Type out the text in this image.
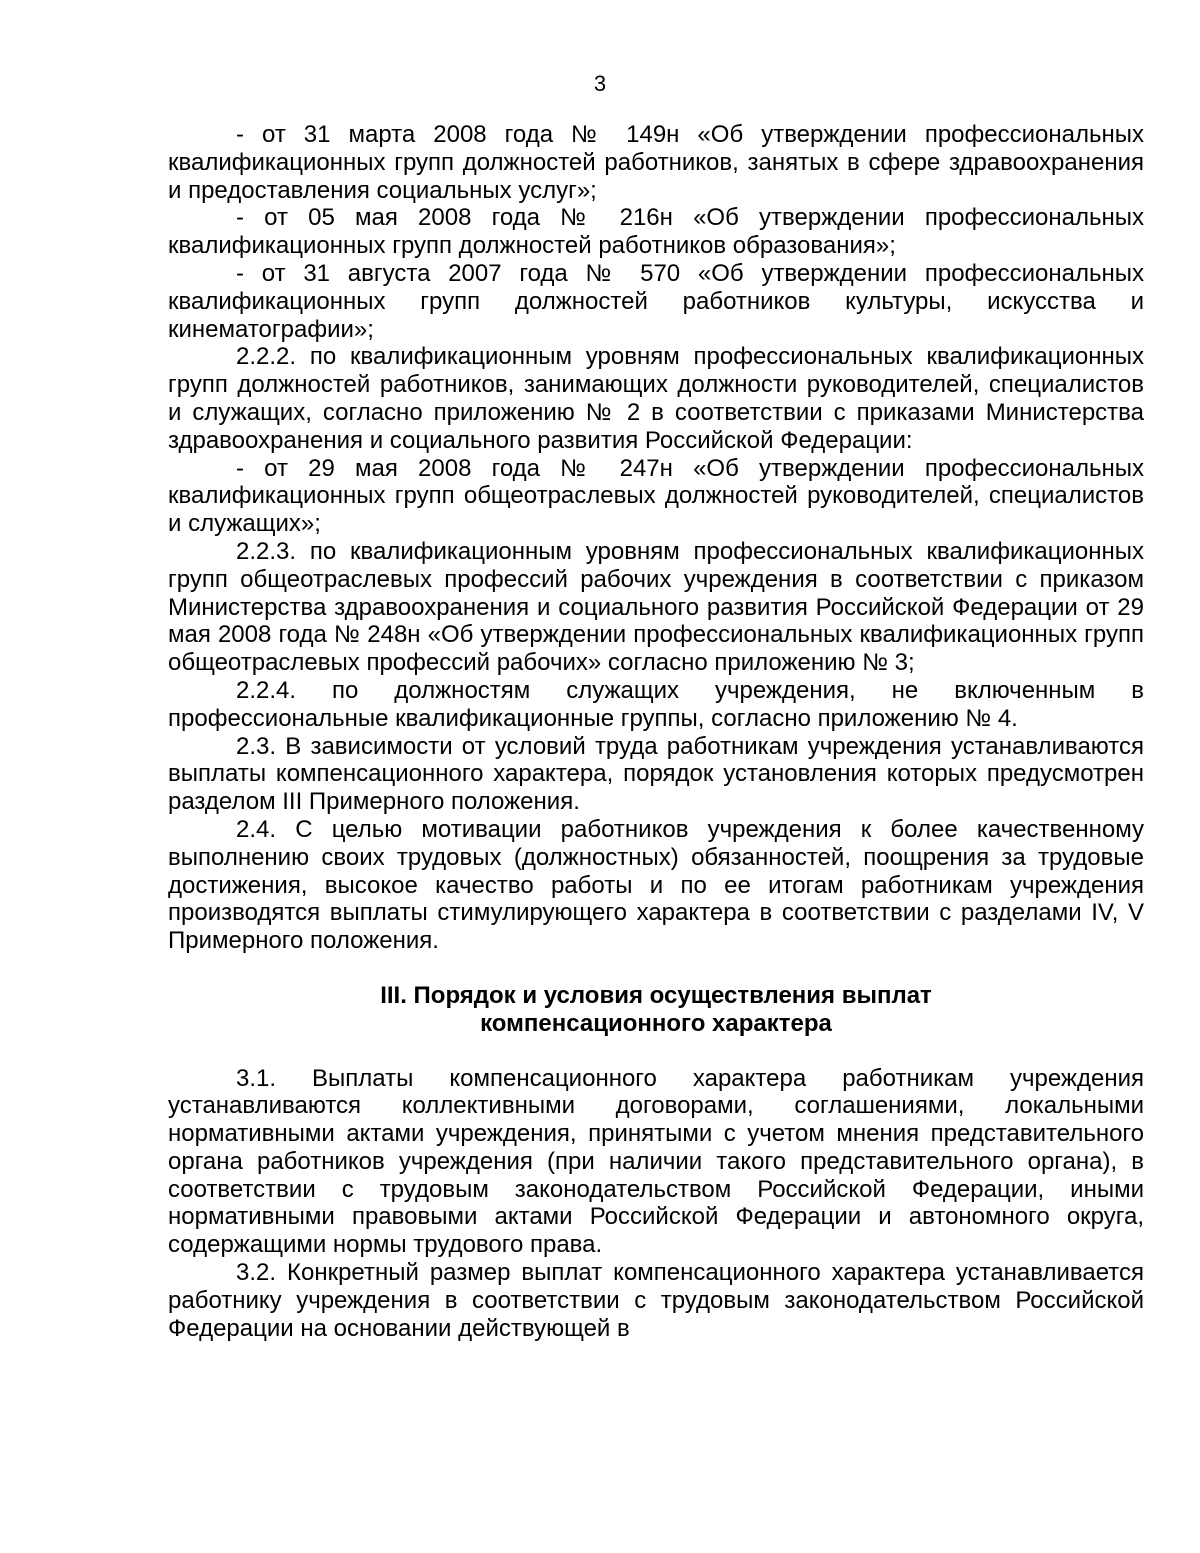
3

- от 31 марта 2008 года № 149н «Об утверждении профессиональных квалификационных групп должностей работников, занятых в сфере здравоохранения и предоставления социальных услуг»;

- от 05 мая 2008 года № 216н «Об утверждении профессиональных квалификационных групп должностей работников образования»;

- от 31 августа 2007 года № 570 «Об утверждении профессиональных квалификационных групп должностей работников культуры, искусства и кинематографии»;

2.2.2. по квалификационным уровням профессиональных квалификационных групп должностей работников, занимающих должности руководителей, специалистов и служащих, согласно приложению № 2 в соответствии с приказами Министерства здравоохранения и социального развития Российской Федерации:

- от 29 мая 2008 года № 247н «Об утверждении профессиональных квалификационных групп общеотраслевых должностей руководителей, специалистов и служащих»;

2.2.3. по квалификационным уровням профессиональных квалификационных групп общеотраслевых профессий рабочих учреждения в соответствии с приказом Министерства здравоохранения и социального развития Российской Федерации от 29 мая 2008 года № 248н «Об утверждении профессиональных квалификационных групп общеотраслевых профессий рабочих» согласно приложению № 3;

2.2.4. по должностям служащих учреждения, не включенным в профессиональные квалификационные группы, согласно приложению № 4.

2.3. В зависимости от условий труда работникам учреждения устанавливаются выплаты компенсационного характера, порядок установления которых предусмотрен разделом III Примерного положения.

2.4. С целью мотивации работников учреждения к более качественному выполнению своих трудовых (должностных) обязанностей, поощрения за трудовые достижения, высокое качество работы и по ее итогам работникам учреждения производятся выплаты стимулирующего характера в соответствии с разделами IV, V Примерного положения.

III. Порядок и условия осуществления выплат
компенсационного характера

3.1. Выплаты компенсационного характера работникам учреждения устанавливаются коллективными договорами, соглашениями, локальными нормативными актами учреждения, принятыми с учетом мнения представительного органа работников учреждения (при наличии такого представительного органа), в соответствии с трудовым законодательством Российской Федерации, иными нормативными правовыми актами Российской Федерации и автономного округа, содержащими нормы трудового права.

3.2. Конкретный размер выплат компенсационного характера устанавливается работнику учреждения в соответствии с трудовым законодательством Российской Федерации на основании действующей в
